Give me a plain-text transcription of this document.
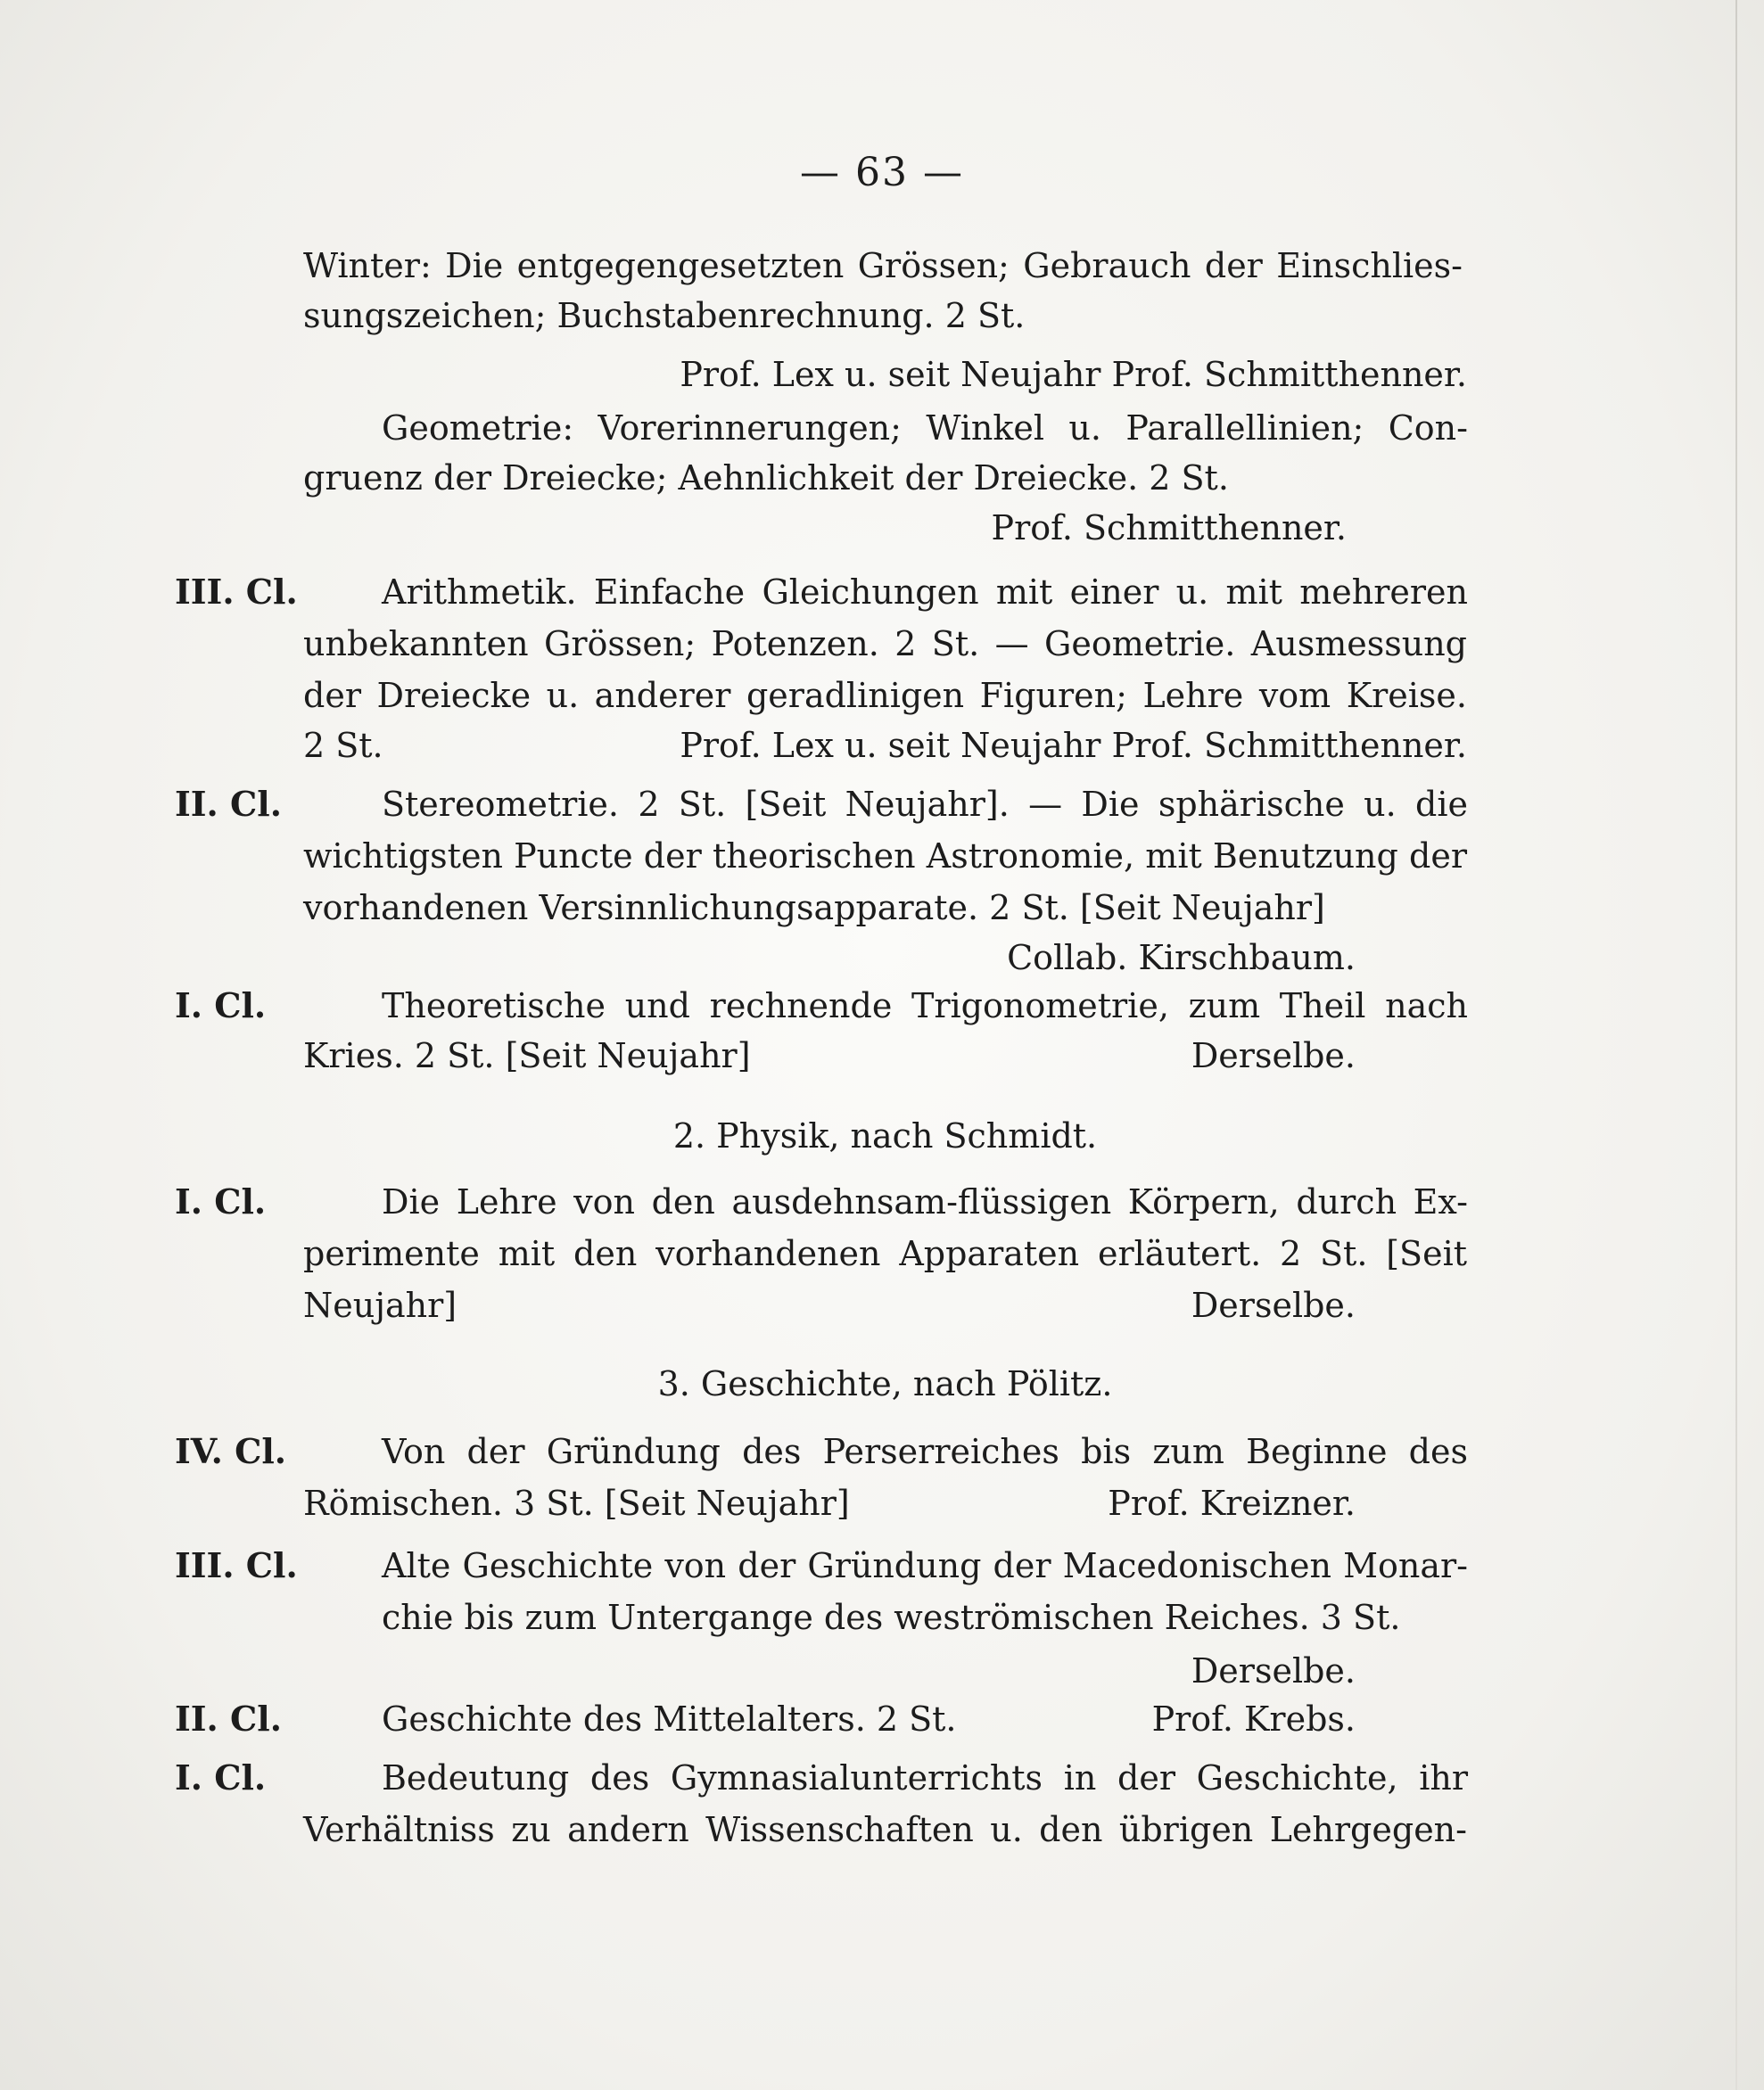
— 63 —
Winter: Die entgegengesetzten Grössen; Gebrauch der Einschlies-
sungszeichen; Buchstabenrechnung. 2 St.
Prof. Lex u. seit Neujahr Prof. Schmitthenner.
Geometrie: Vorerinnerungen; Winkel u. Parallellinien; Con-
gruenz der Dreiecke; Aehnlichkeit der Dreiecke. 2 St.
Prof. Schmitthenner.
III. Cl. Arithmetik. Einfache Gleichungen mit einer u. mit mehreren
unbekannten Grössen; Potenzen. 2 St. — Geometrie. Ausmessung
der Dreiecke u. anderer geradlinigen Figuren; Lehre vom Kreise.
2 St.	Prof. Lex u. seit Neujahr Prof. Schmitthenner.
II. Cl.	Stereometrie. 2 St. [Seit Neujahr]. — Die sphärische u. die
wichtigsten Puncte der theorischen Astronomie, mit Benutzung der
vorhandenen Versinnlichungsapparate. 2 St. [Seit Neujahr]
Collab. Kirschbaum.
I. Cl.	Theoretische und rechnende Trigonometrie, zum Theil nach
Kries. 2 St. [Seit Neujahr]	Derselbe.
2. Physik, nach Schmidt.
I. Cl.	Die Lehre von den ausdehnsam-flüssigen Körpern, durch Ex-
perimente mit den vorhandenen Apparaten erläutert. 2 St. [Seit
Neujahr]	Derselbe.
3. Geschichte, nach Pölitz.
IV. Cl.	Von der Gründung des Perserreiches bis zum Beginne des
Römischen. 3 St. [Seit Neujahr]	Prof. Kreizner.
III. Cl. Alte Geschichte von der Gründung der Macedonischen Monar-
chie bis zum Untergange des weströmischen Reiches. 3 St.
Derselbe.
II. Cl.	Geschichte des Mittelalters. 2 St.	Prof. Krebs.
I. Cl.	Bedeutung des Gymnasialunterrichts in der Geschichte, ihr
Verhältniss zu andern Wissenschaften u. den übrigen Lehrgegen-
